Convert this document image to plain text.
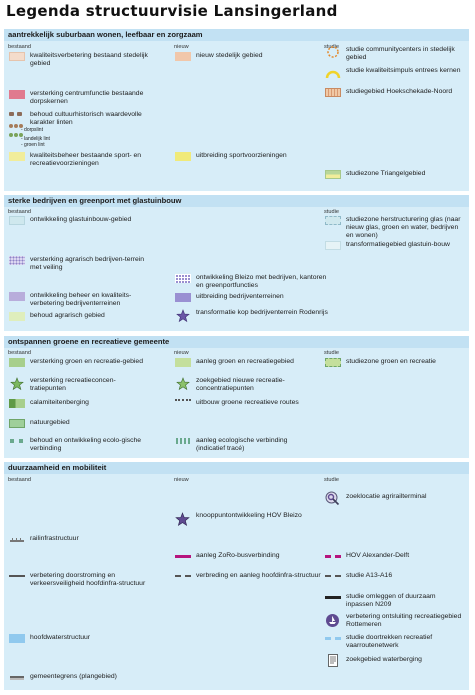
Legenda structuurvisie Lansingerland
aantrekkelijk suburbaan wonen, leefbaar en zorgzaam
bestaand	nieuw	studie
kwaliteitsverbetering bestaand stedelijk gebied
versterking centrumfunctie bestaande dorpskernen
behoud cultuurhistorisch waardevolle karakter linten
- dorpslint
- landelijk lint
- groen lint
kwaliteitsbeheer bestaande sport- en recreatievoorzieningen
nieuw stedelijk gebied
uitbreiding sportvoorzieningen
studie communitycenters in stedelijk gebied
studie kwaliteitsimpuls entrees kernen
studiegebied Hoekschekade-Noord
studiezone Triangelgebied
sterke bedrijven en greenport met glastuinbouw
bestaand	studie
ontwikkeling glastuinbouw-gebied
versterking agrarisch bedrijven-terrein met veiling
ontwikkeling beheer en kwaliteits-verbetering bedrijventerreinen
behoud agrarisch gebied
ontwikkeling Bleizo met bedrijven, kantoren en greenportfuncties
uitbreiding bedrijventerreinen
transformatie kop bedrijventerrein Rodenrijs
studiezone herstructurering glas (naar nieuw glas, groen en water, bedrijven en wonen)
transformatiegebied glastuin-bouw
ontspannen groene en recreatieve gemeente
bestaand	nieuw	studie
versterking groen en recreatie-gebied
versterking recreatieconcen-tratiepunten
calamiteitenberging
natuurgebied
behoud en ontwikkeling ecolo-gische verbinding
aanleg groen en recreatiegebied
zoekgebied nieuwe recreatie-concentratiepunten
uitbouw groene recreatieve routes
aanleg ecologische verbinding (indicatief tracé)
studiezone groen en recreatie
duurzaamheid en mobiliteit
bestaand	nieuw	studie
railinfrastructuur
verbetering doorstroming en verkeersveiligheid hoofdinfra-structuur
hoofdwaterstructuur
gemeentegrens (plangebied)
knooppuntontwikkeling HOV Bleizo
aanleg ZoRo-busverbinding
verbreding en aanleg hoofdinfra-structuur
zoeklocatie agrirailterminal
HOV Alexander-Delft
studie A13-A16
studie omleggen of duurzaam inpassen N209
verbetering ontsluiting recreatiegebied Rottemeren
studie doortrekken recreatief vaarroutenetwerk
zoekgebied waterberging
